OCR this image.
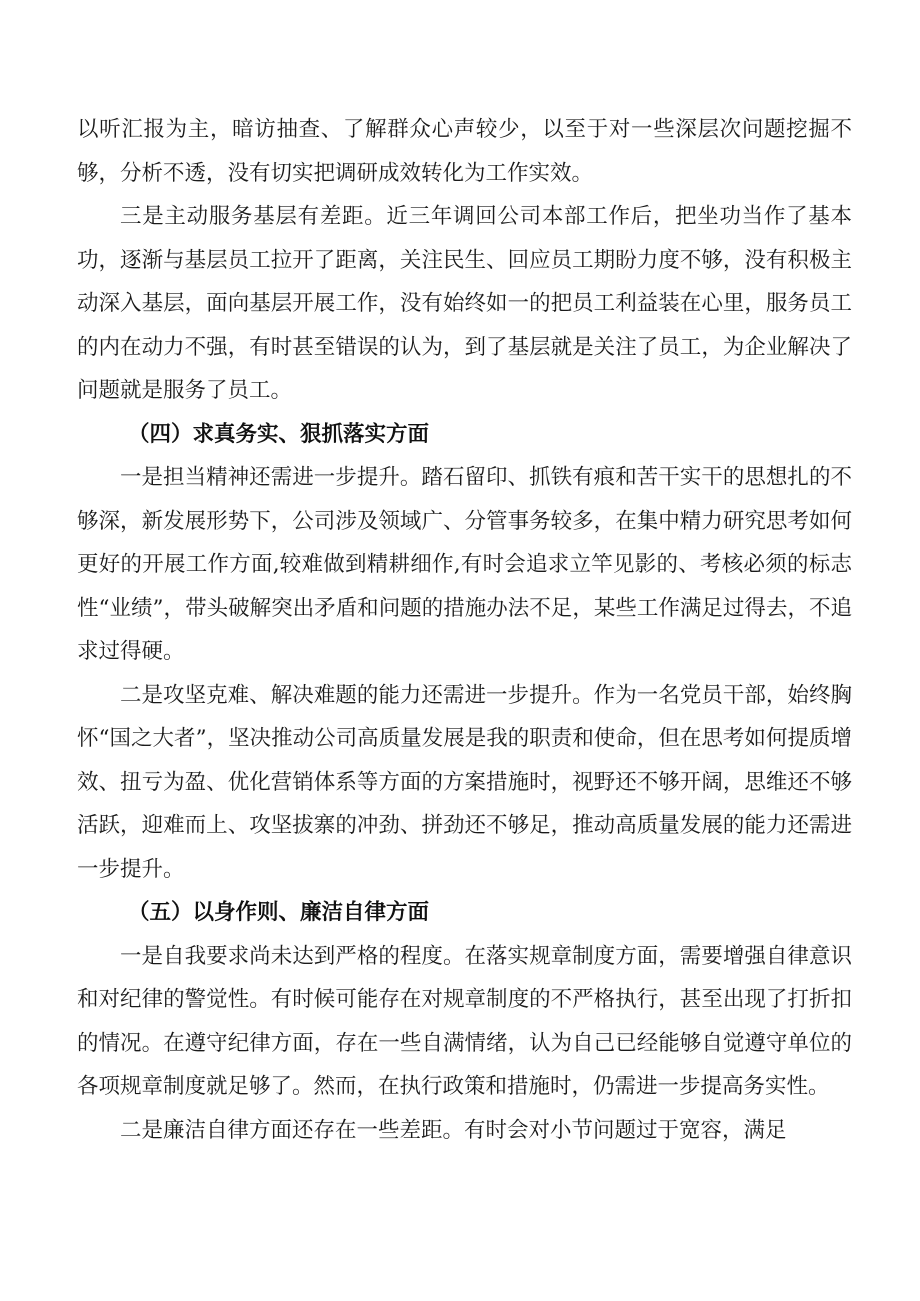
以听汇报为主，暗访抽查、了解群众心声较少，以至于对一些深层次问题挖掘不够，分析不透，没有切实把调研成效转化为工作实效。

三是主动服务基层有差距。近三年调回公司本部工作后，把坐功当作了基本功，逐渐与基层员工拉开了距离，关注民生、回应员工期盼力度不够，没有积极主动深入基层，面向基层开展工作，没有始终如一的把员工利益装在心里，服务员工的内在动力不强，有时甚至错误的认为，到了基层就是关注了员工，为企业解决了问题就是服务了员工。

（四）求真务实、狠抓落实方面

一是担当精神还需进一步提升。踏石留印、抓铁有痕和苦干实干的思想扎的不够深，新发展形势下，公司涉及领域广、分管事务较多，在集中精力研究思考如何更好的开展工作方面,较难做到精耕细作,有时会追求立竿见影的、考核必须的标志性“业绩”，带头破解突出矛盾和问题的措施办法不足，某些工作满足过得去，不追求过得硬。

二是攻坚克难、解决难题的能力还需进一步提升。作为一名党员干部，始终胸怀“国之大者”，坚决推动公司高质量发展是我的职责和使命，但在思考如何提质增效、扭亏为盈、优化营销体系等方面的方案措施时，视野还不够开阔，思维还不够活跃，迎难而上、攻坚拔寨的冲劲、拼劲还不够足，推动高质量发展的能力还需进一步提升。

（五）以身作则、廉洁自律方面

一是自我要求尚未达到严格的程度。在落实规章制度方面，需要增强自律意识和对纪律的警觉性。有时候可能存在对规章制度的不严格执行，甚至出现了打折扣的情况。在遵守纪律方面，存在一些自满情绪，认为自己已经能够自觉遵守单位的各项规章制度就足够了。然而，在执行政策和措施时，仍需进一步提高务实性。

二是廉洁自律方面还存在一些差距。有时会对小节问题过于宽容，满足
